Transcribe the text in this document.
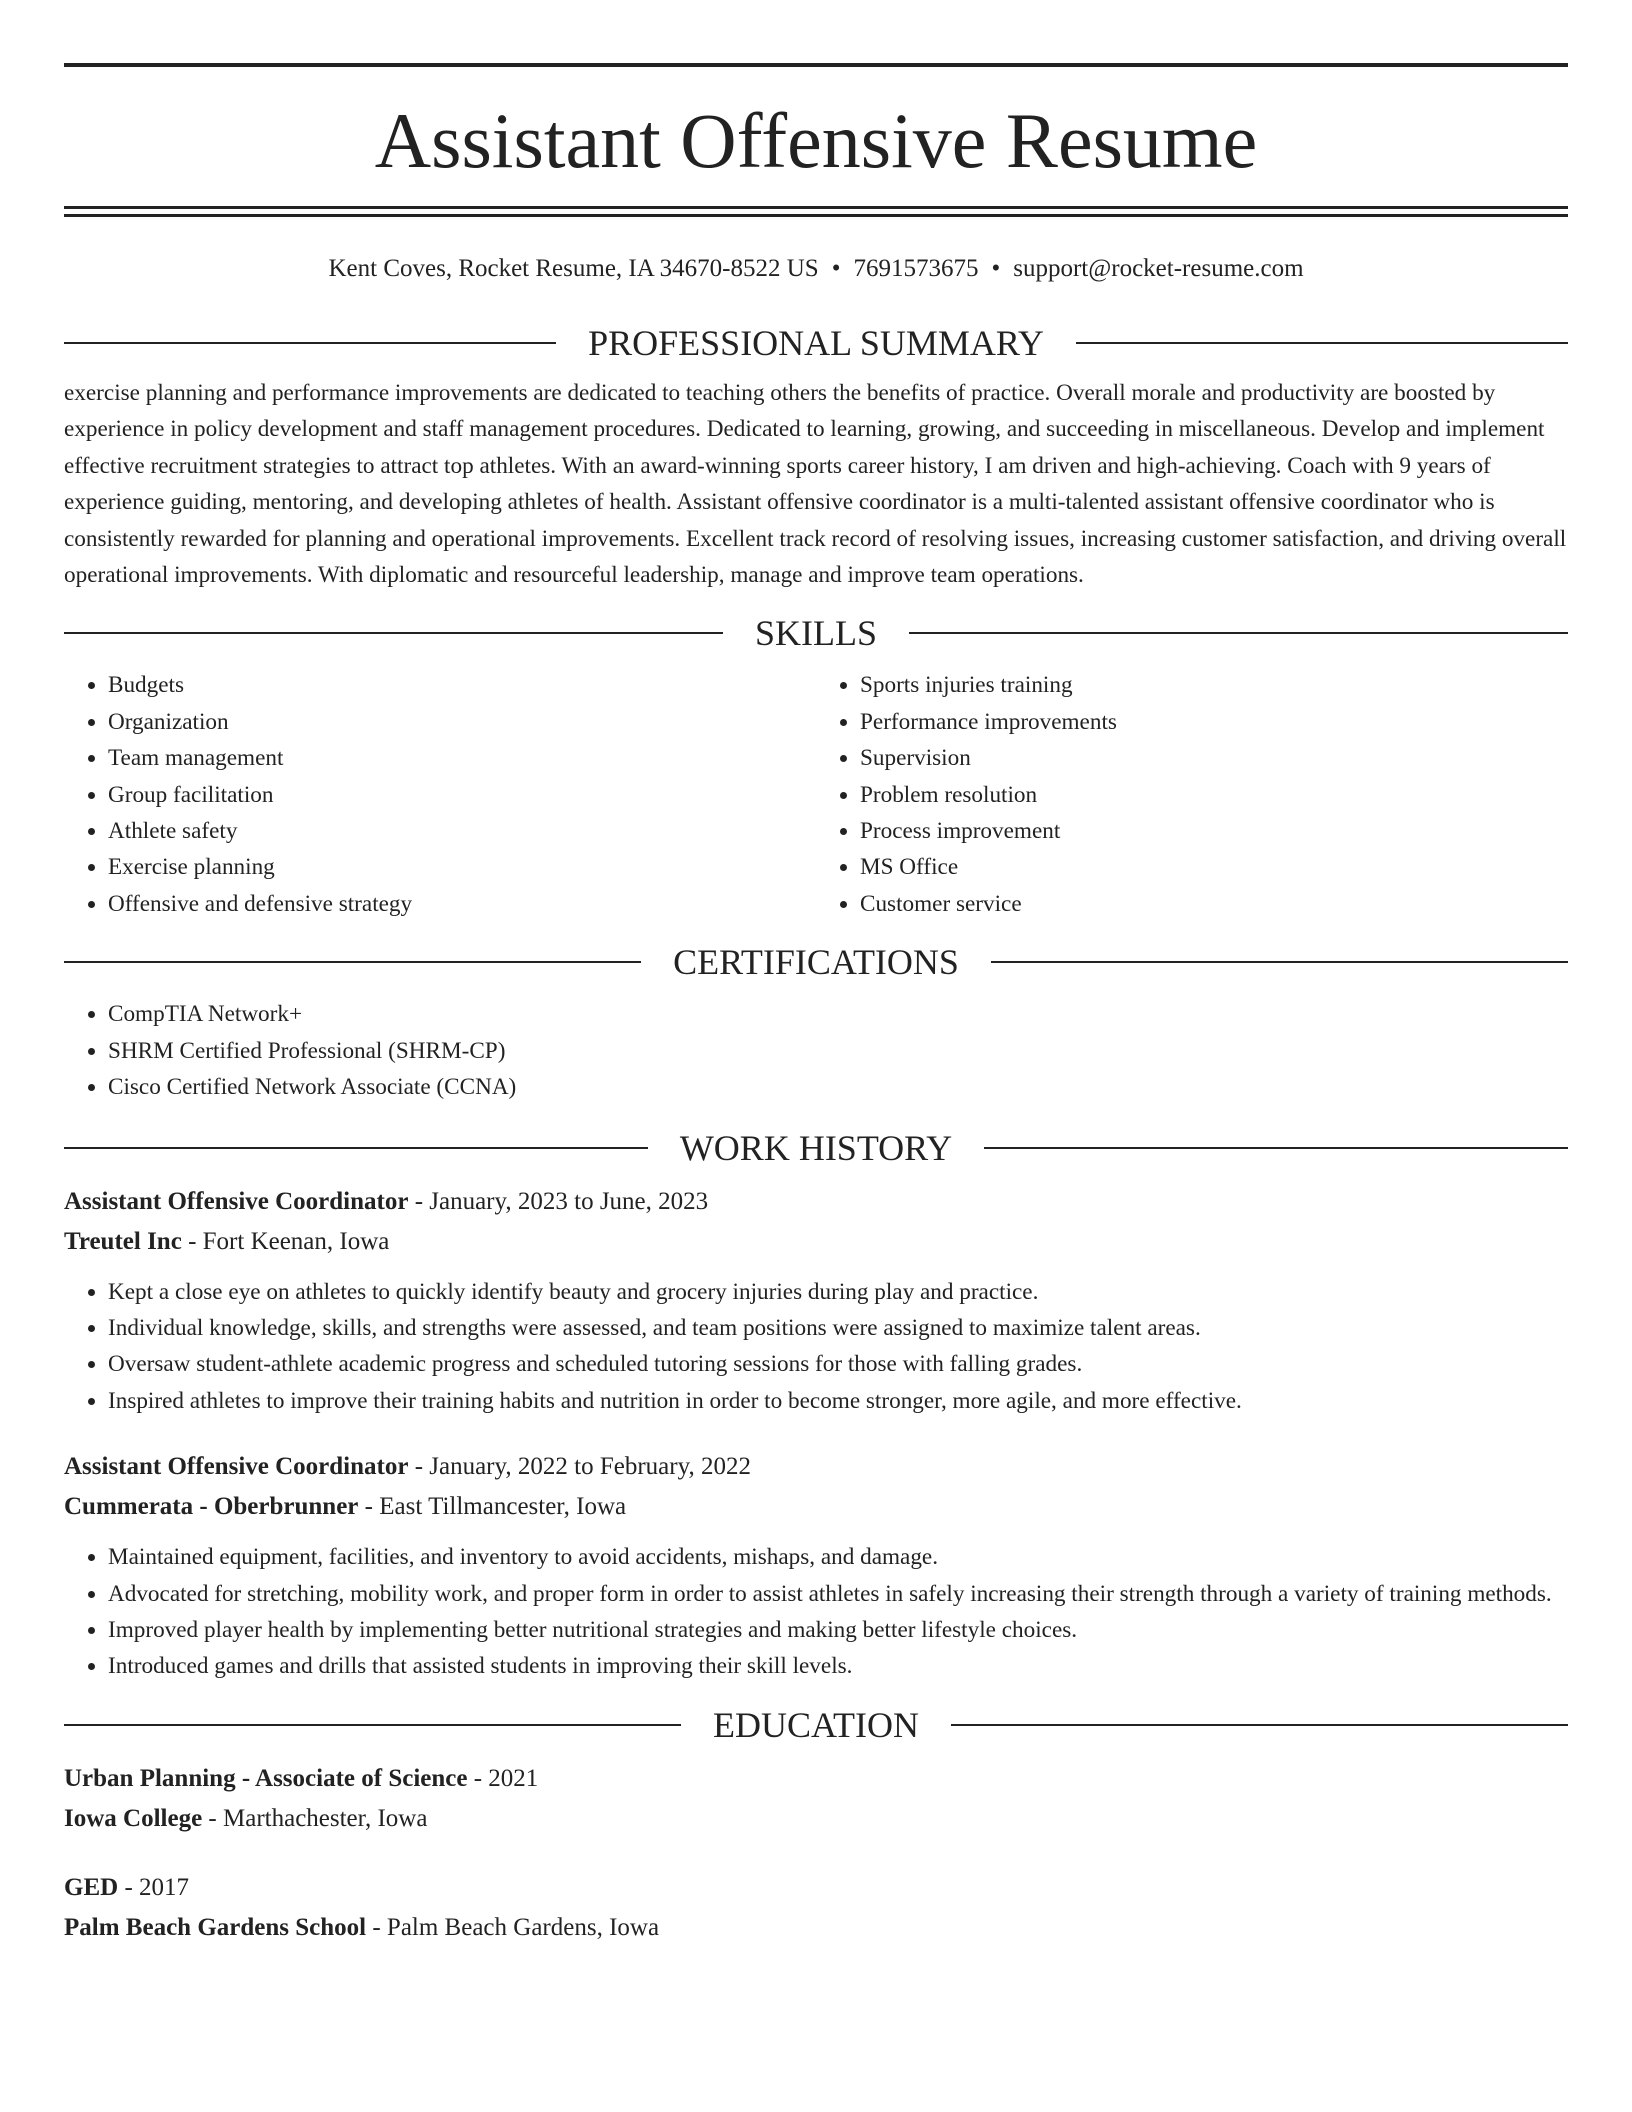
Assistant Offensive Resume
Kent Coves, Rocket Resume, IA 34670-8522 US • 7691573675 • support@rocket-resume.com
PROFESSIONAL SUMMARY

exercise planning and performance improvements are dedicated to teaching others the benefits of practice. Overall morale and productivity are boosted by experience in policy development and staff management procedures. Dedicated to learning, growing, and succeeding in miscellaneous. Develop and implement effective recruitment strategies to attract top athletes. With an award-winning sports career history, I am driven and high-achieving. Coach with 9 years of experience guiding, mentoring, and developing athletes of health. Assistant offensive coordinator is a multi-talented assistant offensive coordinator who is consistently rewarded for planning and operational improvements. Excellent track record of resolving issues, increasing customer satisfaction, and driving overall operational improvements. With diplomatic and resourceful leadership, manage and improve team operations.

SKILLS
• Budgets
• Organization
• Team management
• Group facilitation
• Athlete safety
• Exercise planning
• Offensive and defensive strategy
• Sports injuries training
• Performance improvements
• Supervision
• Problem resolution
• Process improvement
• MS Office
• Customer service
CERTIFICATIONS
• CompTIA Network+
• SHRM Certified Professional (SHRM-CP)
• Cisco Certified Network Associate (CCNA)
WORK HISTORY
Assistant Offensive Coordinator - January, 2023 to June, 2023
Treutel Inc - Fort Keenan, Iowa
• Kept a close eye on athletes to quickly identify beauty and grocery injuries during play and practice.
• Individual knowledge, skills, and strengths were assessed, and team positions were assigned to maximize talent areas.
• Oversaw student-athlete academic progress and scheduled tutoring sessions for those with falling grades.
• Inspired athletes to improve their training habits and nutrition in order to become stronger, more agile, and more effective.
Assistant Offensive Coordinator - January, 2022 to February, 2022
Cummerata - Oberbrunner - East Tillmancester, Iowa
• Maintained equipment, facilities, and inventory to avoid accidents, mishaps, and damage.
• Advocated for stretching, mobility work, and proper form in order to assist athletes in safely increasing their strength through a variety of training methods.
• Improved player health by implementing better nutritional strategies and making better lifestyle choices.
• Introduced games and drills that assisted students in improving their skill levels.
EDUCATION
Urban Planning - Associate of Science - 2021
Iowa College - Marthachester, Iowa
GED - 2017
Palm Beach Gardens School - Palm Beach Gardens, Iowa
